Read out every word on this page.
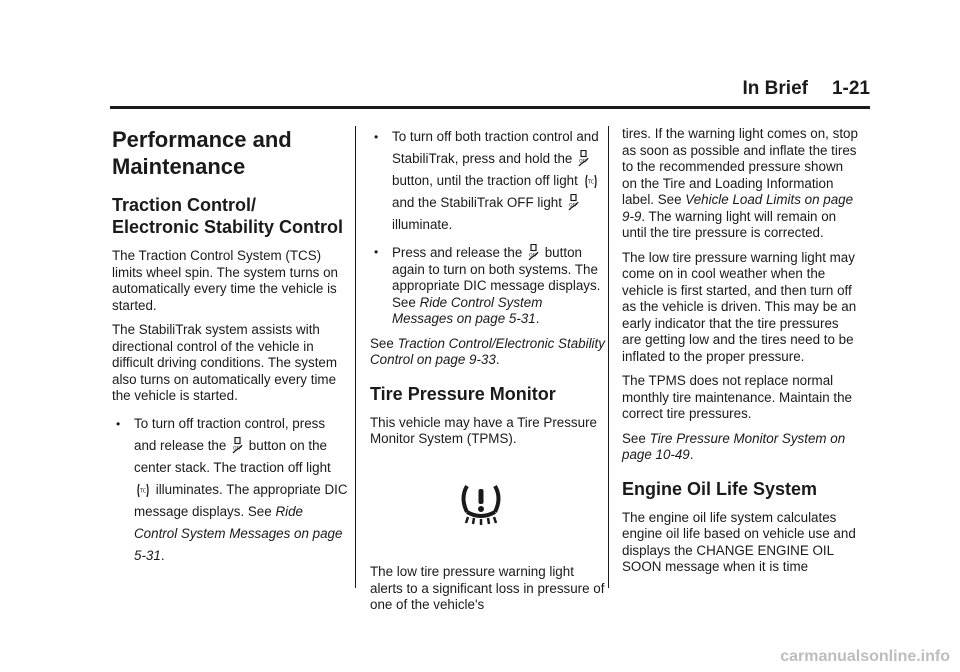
In Brief 1-21
Performance and Maintenance
Traction Control/ Electronic Stability Control

The Traction Control System (TCS) limits wheel spin. The system turns on automatically every time the vehicle is started.

The StabiliTrak system assists with directional control of the vehicle in difficult driving conditions. The system also turns on automatically every time the vehicle is started.

• To turn off traction control, press and release the OFF button on the center stack. The traction off light
TC illuminates. The appropriate DIC message displays. See Ride Control System Messages on page 5-31.
• To turn off both traction control and StabiliTrak, press and hold the OFF
button, until the traction off light TC
and the StabiliTrak OFF light OFF
illuminate.
• Press and release the OFF button again to turn on both systems. The appropriate DIC message displays. See Ride Control System Messages on page 5-31.

See Traction Control/Electronic Stability Control on page 9-33.

Tire Pressure Monitor

This vehicle may have a Tire Pressure Monitor System (TPMS).

The low tire pressure warning light alerts to a significant loss in pressure of one of the vehicle's

tires. If the warning light comes on, stop as soon as possible and inflate the tires to the recommended pressure shown on the Tire and Loading Information label. See Vehicle Load Limits on page 9-9. The warning light will remain on until the tire pressure is corrected.

The low tire pressure warning light may come on in cool weather when the vehicle is first started, and then turn off as the vehicle is driven. This may be an early indicator that the tire pressures are getting low and the tires need to be inflated to the proper pressure.

The TPMS does not replace normal monthly tire maintenance. Maintain the correct tire pressures.

See Tire Pressure Monitor System on page 10-49.

Engine Oil Life System

The engine oil life system calculates engine oil life based on vehicle use and displays the CHANGE ENGINE OIL SOON message when it is time

carmanualsonline.info
